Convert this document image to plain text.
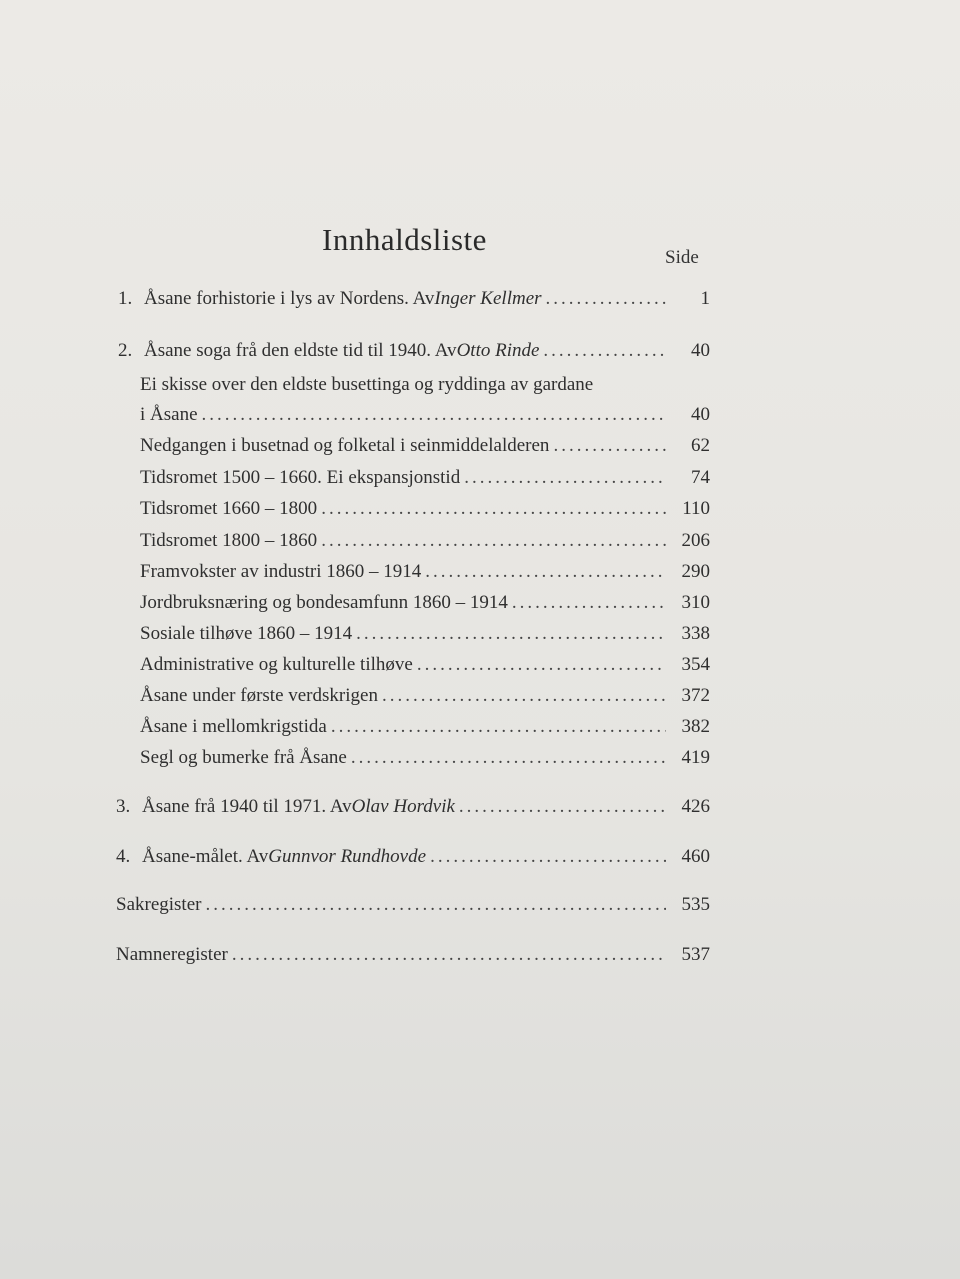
Innhaldsliste
Side
1. Åsane forhistorie i lys av Nordens. Av Inger Kellmer .....	1
2. Åsane soga frå den eldste tid til 1940. Av Otto Rinde .....	40
Ei skisse over den eldste busettinga og ryddinga av gardane
i Åsane .....	40
Nedgangen i busetnad og folketal i seinmiddelalderen .....	62
Tidsromet 1500 – 1660. Ei ekspansjonstid .....	74
Tidsromet 1660 – 1800 .....	110
Tidsromet 1800 – 1860 .....	206
Framvokster av industri 1860 – 1914 .....	290
Jordbruksnæring og bondesamfunn 1860 – 1914 .....	310
Sosiale tilhøve 1860 – 1914 .....	338
Administrative og kulturelle tilhøve .....	354
Åsane under første verdskrigen .....	372
Åsane i mellomkrigstida .....	382
Segl og bumerke frå Åsane .....	419
3. Åsane frå 1940 til 1971. Av Olav Hordvik .....	426
4. Åsane-målet. Av Gunnvor Rundhovde .....	460
Sakregister .....	535
Namneregister .....	537
